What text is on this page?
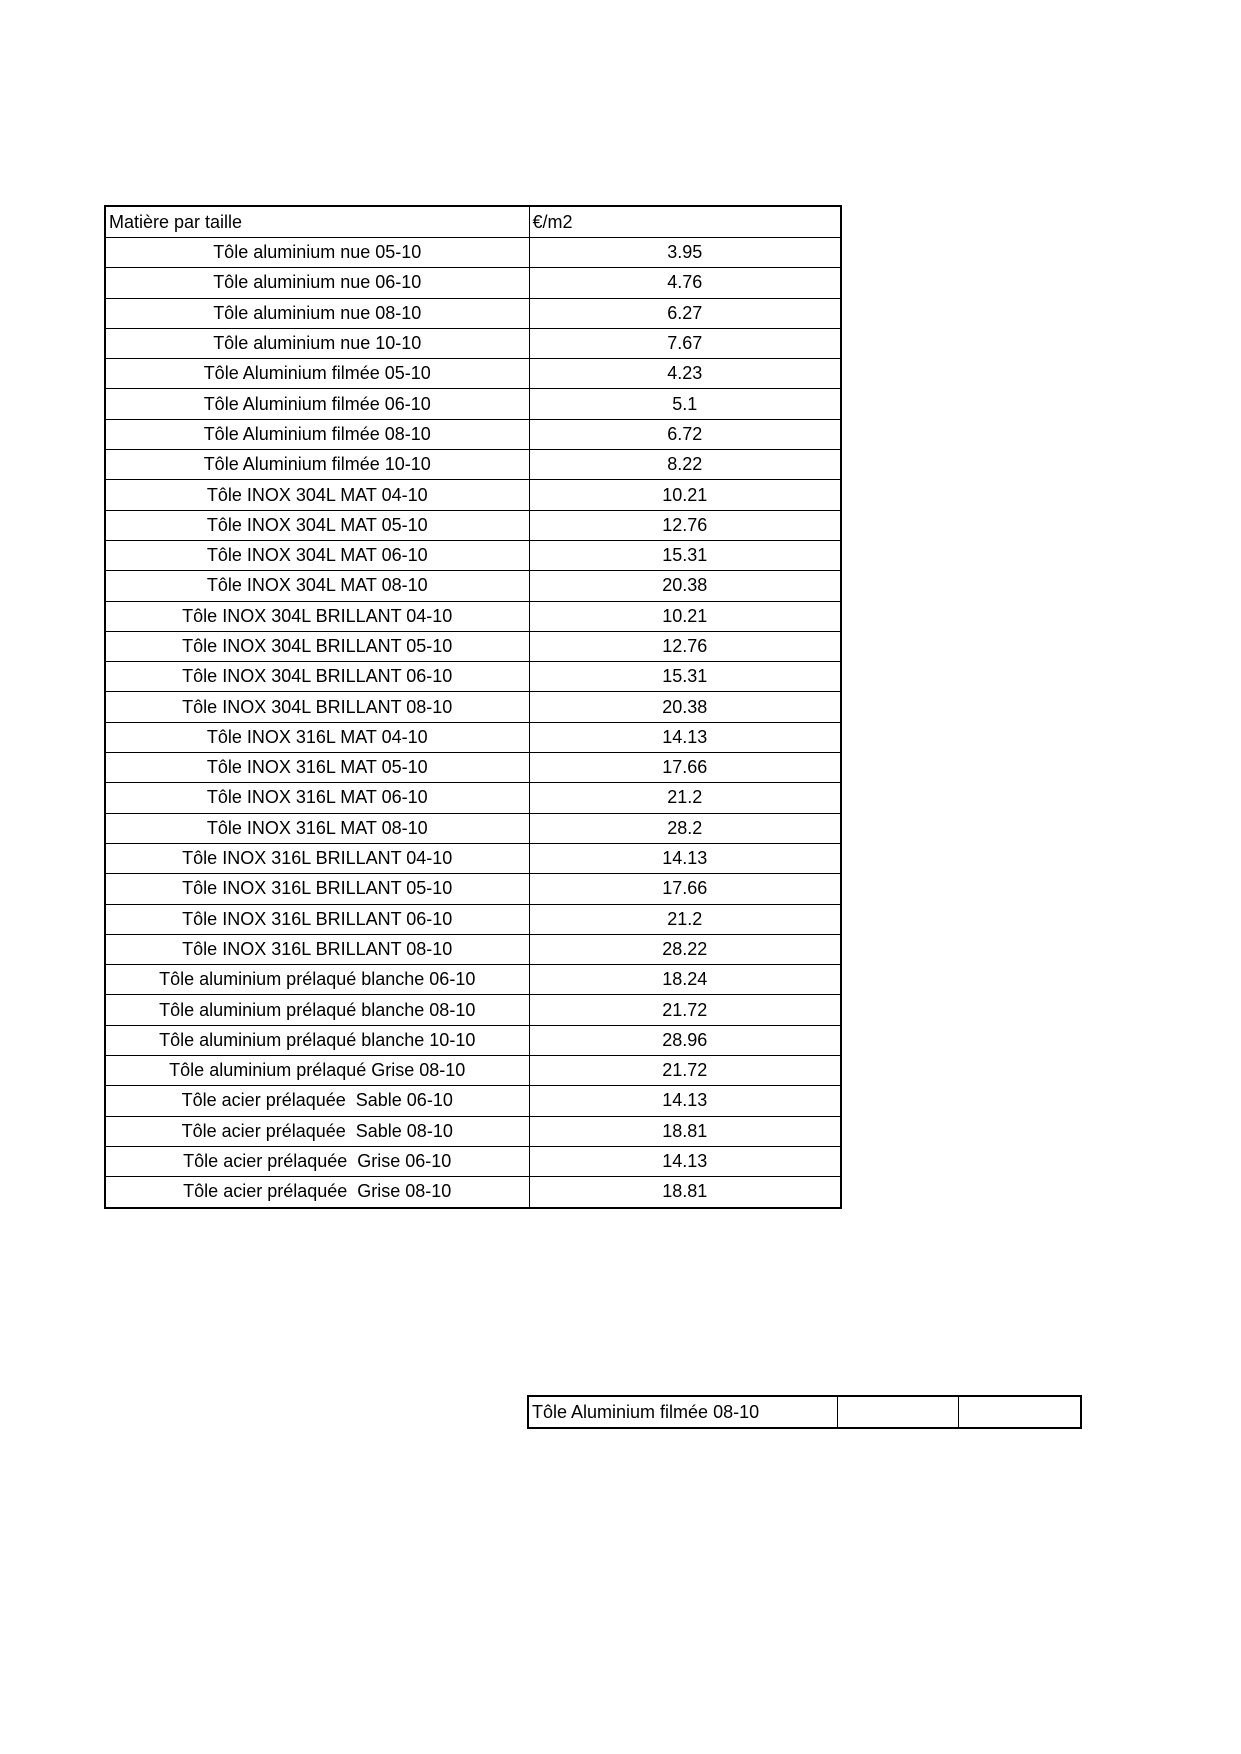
Matière par taille	€/m2
Tôle aluminium nue 05-10	3.95
Tôle aluminium nue 06-10	4.76
Tôle aluminium nue 08-10	6.27
Tôle aluminium nue 10-10	7.67
Tôle Aluminium filmée 05-10	4.23
Tôle Aluminium filmée 06-10	5.1
Tôle Aluminium filmée 08-10	6.72
Tôle Aluminium filmée 10-10	8.22
Tôle INOX 304L MAT 04-10	10.21
Tôle INOX 304L MAT 05-10	12.76
Tôle INOX 304L MAT 06-10	15.31
Tôle INOX 304L MAT 08-10	20.38
Tôle INOX 304L BRILLANT 04-10	10.21
Tôle INOX 304L BRILLANT 05-10	12.76
Tôle INOX 304L BRILLANT 06-10	15.31
Tôle INOX 304L BRILLANT 08-10	20.38
Tôle INOX 316L MAT 04-10	14.13
Tôle INOX 316L MAT 05-10	17.66
Tôle INOX 316L MAT 06-10	21.2
Tôle INOX 316L MAT 08-10	28.2
Tôle INOX 316L BRILLANT 04-10	14.13
Tôle INOX 316L BRILLANT 05-10	17.66
Tôle INOX 316L BRILLANT 06-10	21.2
Tôle INOX 316L BRILLANT 08-10	28.22
Tôle aluminium prélaqué blanche 06-10	18.24
Tôle aluminium prélaqué blanche 08-10	21.72
Tôle aluminium prélaqué blanche 10-10	28.96
Tôle aluminium prélaqué Grise 08-10	21.72
Tôle acier prélaquée  Sable 06-10	14.13
Tôle acier prélaquée  Sable 08-10	18.81
Tôle acier prélaquée  Grise 06-10	14.13
Tôle acier prélaquée  Grise 08-10	18.81
Tôle Aluminium filmée 08-10		
